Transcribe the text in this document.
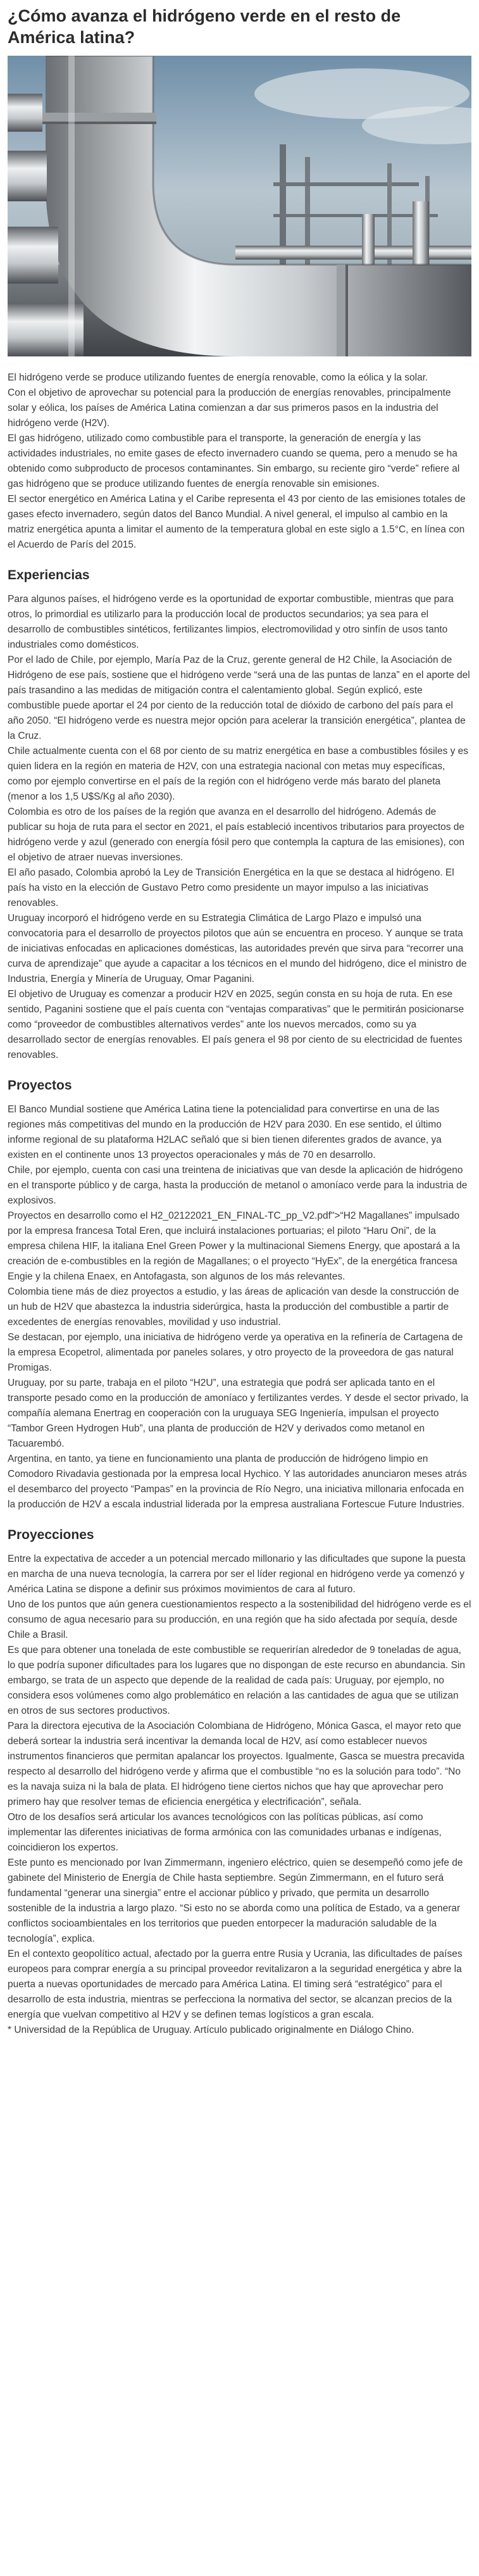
¿Cómo avanza el hidrógeno verde en el resto de América latina?

El hidrógeno verde se produce utilizando fuentes de energía renovable, como la eólica y la solar.

Con el objetivo de aprovechar su potencial para la producción de energías renovables, principalmente solar y eólica, los países de América Latina comienzan a dar sus primeros pasos en la industria del hidrógeno verde (H2V).

El gas hidrógeno, utilizado como combustible para el transporte, la generación de energía y las actividades industriales, no emite gases de efecto invernadero cuando se quema, pero a menudo se ha obtenido como subproducto de procesos contaminantes. Sin embargo, su reciente giro “verde” refiere al gas hidrógeno que se produce utilizando fuentes de energía renovable sin emisiones.

El sector energético en América Latina y el Caribe representa el 43 por ciento de las emisiones totales de gases efecto invernadero, según datos del Banco Mundial. A nivel general, el impulso al cambio en la matriz energética apunta a limitar el aumento de la temperatura global en este siglo a 1.5°C, en línea con el Acuerdo de París del 2015.

Experiencias

Para algunos países, el hidrógeno verde es la oportunidad de exportar combustible, mientras que para otros, lo primordial es utilizarlo para la producción local de productos secundarios; ya sea para el desarrollo de combustibles sintéticos, fertilizantes limpios, electromovilidad y otro sinfín de usos tanto industriales como domésticos.

Por el lado de Chile, por ejemplo, María Paz de la Cruz, gerente general de H2 Chile, la Asociación de Hidrógeno de ese país, sostiene que el hidrógeno verde “será una de las puntas de lanza” en el aporte del país trasandino a las medidas de mitigación contra el calentamiento global. Según explicó, este combustible puede aportar el 24 por ciento de la reducción total de dióxido de carbono del país para el año 2050. “El hidrógeno verde es nuestra mejor opción para acelerar la transición energética”, plantea de la Cruz.

Chile actualmente cuenta con el 68 por ciento de su matriz energética en base a combustibles fósiles y es quien lidera en la región en materia de H2V, con una estrategia nacional con metas muy específicas, como por ejemplo convertirse en el país de la región con el hidrógeno verde más barato del planeta (menor a los 1,5 U$S/Kg al año 2030).

Colombia es otro de los países de la región que avanza en el desarrollo del hidrógeno. Además de publicar su hoja de ruta para el sector en 2021, el país estableció incentivos tributarios para proyectos de hidrógeno verde y azul (generado con energía fósil pero que contempla la captura de las emisiones), con el objetivo de atraer nuevas inversiones.

El año pasado, Colombia aprobó la Ley de Transición Energética en la que se destaca al hidrógeno. El país ha visto en la elección de Gustavo Petro como presidente un mayor impulso a las iniciativas renovables.

Uruguay incorporó el hidrógeno verde en su Estrategia Climática de Largo Plazo e impulsó una convocatoria para el desarrollo de proyectos pilotos que aún se encuentra en proceso. Y aunque se trata de iniciativas enfocadas en aplicaciones domésticas, las autoridades prevén que sirva para “recorrer una curva de aprendizaje” que ayude a capacitar a los técnicos en el mundo del hidrógeno, dice el ministro de Industria, Energía y Minería de Uruguay, Omar Paganini.

El objetivo de Uruguay es comenzar a producir H2V en 2025, según consta en su hoja de ruta. En ese sentido, Paganini sostiene que el país cuenta con “ventajas comparativas” que le permitirán posicionarse como “proveedor de combustibles alternativos verdes” ante los nuevos mercados, como su ya desarrollado sector de energías renovables. El país genera el 98 por ciento de su electricidad de fuentes renovables.

Proyectos

El Banco Mundial sostiene que América Latina tiene la potencialidad para convertirse en una de las regiones más competitivas del mundo en la producción de H2V para 2030. En ese sentido, el último informe regional de su plataforma H2LAC señaló que si bien tienen diferentes grados de avance, ya existen en el continente unos 13 proyectos operacionales y más de 70 en desarrollo.

Chile, por ejemplo, cuenta con casi una treintena de iniciativas que van desde la aplicación de hidrógeno en el transporte público y de carga, hasta la producción de metanol o amoníaco verde para la industria de explosivos.

Proyectos en desarrollo como el H2_02122021_EN_FINAL-TC_pp_V2.pdf">“H2 Magallanes” impulsado por la empresa francesa Total Eren, que incluirá instalaciones portuarias; el piloto “Haru Oni”, de la empresa chilena HIF, la italiana Enel Green Power y la multinacional Siemens Energy, que apostará a la creación de e-combustibles en la región de Magallanes; o el proyecto “HyEx”, de la energética francesa Engie y la chilena Enaex, en Antofagasta, son algunos de los más relevantes.

Colombia tiene más de diez proyectos a estudio, y las áreas de aplicación van desde la construcción de un hub de H2V que abastezca la industria siderúrgica, hasta la producción del combustible a partir de excedentes de energías renovables, movilidad y uso industrial.

Se destacan, por ejemplo, una iniciativa de hidrógeno verde ya operativa en la refinería de Cartagena de la empresa Ecopetrol, alimentada por paneles solares, y otro proyecto de la proveedora de gas natural Promigas.

Uruguay, por su parte, trabaja en el piloto “H2U”, una estrategia que podrá ser aplicada tanto en el transporte pesado como en la producción de amoníaco y fertilizantes verdes. Y desde el sector privado, la compañía alemana Enertrag en cooperación con la uruguaya SEG Ingeniería, impulsan el proyecto “Tambor Green Hydrogen Hub”, una planta de producción de H2V y derivados como metanol en Tacuarembó.

Argentina, en tanto, ya tiene en funcionamiento una planta de producción de hidrógeno limpio en Comodoro Rivadavia gestionada por la empresa local Hychico. Y las autoridades anunciaron meses atrás el desembarco del proyecto “Pampas” en la provincia de Río Negro, una iniciativa millonaria enfocada en la producción de H2V a escala industrial liderada por la empresa australiana Fortescue Future Industries.

Proyecciones

Entre la expectativa de acceder a un potencial mercado millonario y las dificultades que supone la puesta en marcha de una nueva tecnología, la carrera por ser el líder regional en hidrógeno verde ya comenzó y América Latina se dispone a definir sus próximos movimientos de cara al futuro.

Uno de los puntos que aún genera cuestionamientos respecto a la sostenibilidad del hidrógeno verde es el consumo de agua necesario para su producción, en una región que ha sido afectada por sequía, desde Chile a Brasil.

Es que para obtener una tonelada de este combustible se requerirían alrededor de 9 toneladas de agua, lo que podría suponer dificultades para los lugares que no dispongan de este recurso en abundancia. Sin embargo, se trata de un aspecto que depende de la realidad de cada país: Uruguay, por ejemplo, no considera esos volúmenes como algo problemático en relación a las cantidades de agua que se utilizan en otros de sus sectores productivos.

Para la directora ejecutiva de la Asociación Colombiana de Hidrógeno, Mónica Gasca, el mayor reto que deberá sortear la industria será incentivar la demanda local de H2V, así como establecer nuevos instrumentos financieros que permitan apalancar los proyectos. Igualmente, Gasca se muestra precavida respecto al desarrollo del hidrógeno verde y afirma que el combustible “no es la solución para todo”. “No es la navaja suiza ni la bala de plata. El hidrógeno tiene ciertos nichos que hay que aprovechar pero primero hay que resolver temas de eficiencia energética y electrificación”, señala.

Otro de los desafíos será articular los avances tecnológicos con las políticas públicas, así como implementar las diferentes iniciativas de forma armónica con las comunidades urbanas e indígenas, coincidieron los expertos.

Este punto es mencionado por Ivan Zimmermann, ingeniero eléctrico, quien se desempeñó como jefe de gabinete del Ministerio de Energía de Chile hasta septiembre. Según Zimmermann, en el futuro será fundamental “generar una sinergia” entre el accionar público y privado, que permita un desarrollo sostenible de la industria a largo plazo. “Si esto no se aborda como una política de Estado, va a generar conflictos socioambientales en los territorios que pueden entorpecer la maduración saludable de la tecnología”, explica.

En el contexto geopolítico actual, afectado por la guerra entre Rusia y Ucrania, las dificultades de países europeos para comprar energía a su principal proveedor revitalizaron a la seguridad energética y abre la puerta a nuevas oportunidades de mercado para América Latina. El timing será “estratégico” para el desarrollo de esta industria, mientras se perfecciona la normativa del sector, se alcanzan precios de la energía que vuelvan competitivo al H2V y se definen temas logísticos a gran escala.

* Universidad de la República de Uruguay. Artículo publicado originalmente en Diálogo Chino.
